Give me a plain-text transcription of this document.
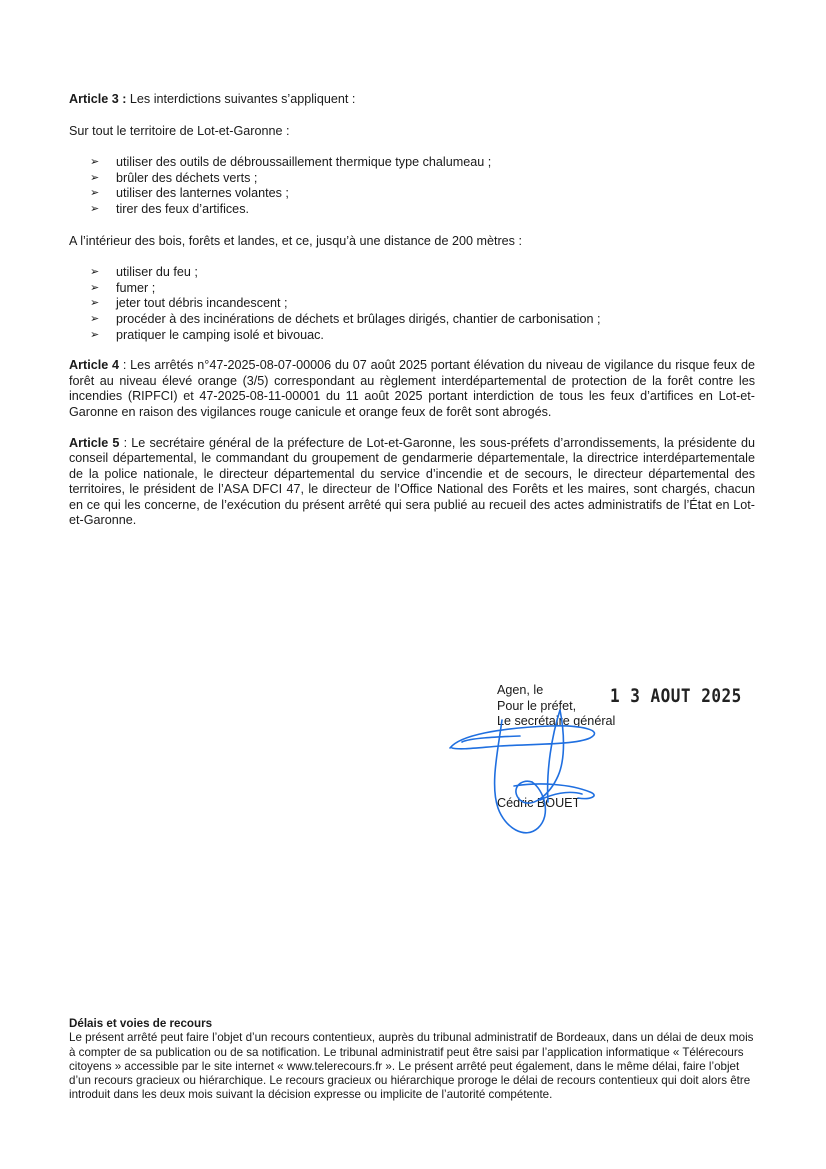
Article 3 : Les interdictions suivantes s’appliquent :

Sur tout le territoire de Lot-et-Garonne :

➢ utiliser des outils de débroussaillement thermique type chalumeau ;
➢ brûler des déchets verts ;
➢ utiliser des lanternes volantes ;
➢ tirer des feux d’artifices.

A l’intérieur des bois, forêts et landes, et ce, jusqu’à une distance de 200 mètres :

➢ utiliser du feu ;
➢ fumer ;
➢ jeter tout débris incandescent ;
➢ procéder à des incinérations de déchets et brûlages dirigés, chantier de carbonisation ;
➢ pratiquer le camping isolé et bivouac.

Article 4 : Les arrêtés n°47-2025-08-07-00006 du 07 août 2025 portant élévation du niveau de vigilance du risque feux de forêt au niveau élevé orange (3/5) correspondant au règlement interdépartemental de protection de la forêt contre les incendies (RIPFCI) et 47-2025-08-11-00001 du 11 août 2025 portant interdiction de tous les feux d’artifices en Lot-et-Garonne en raison des vigilances rouge canicule et orange feux de forêt sont abrogés.

Article 5 : Le secrétaire général de la préfecture de Lot-et-Garonne, les sous-préfets d’arrondissements, la présidente du conseil départemental, le commandant du groupement de gendarmerie départementale, la directrice interdépartementale de la police nationale, le directeur départemental du service d’incendie et de secours, le directeur départemental des territoires, le président de l’ASA DFCI 47, le directeur de l’Office National des Forêts et les maires, sont chargés, chacun en ce qui les concerne, de l’exécution du présent arrêté qui sera publié au recueil des actes administratifs de l’État en Lot-et-Garonne.

Agen, le
Pour le préfet,
Le secrétaire général
1 3 AOUT 2025
Cédric BOUET
Délais et voies de recours
Le présent arrêté peut faire l’objet d’un recours contentieux, auprès du tribunal administratif de Bordeaux, dans un délai de deux mois à compter de sa publication ou de sa notification. Le tribunal administratif peut être saisi par l’application informatique « Télérecours citoyens » accessible par le site internet « www.telerecours.fr ». Le présent arrêté peut également, dans le même délai, faire l’objet d’un recours gracieux ou hiérarchique. Le recours gracieux ou hiérarchique proroge le délai de recours contentieux qui doit alors être introduit dans les deux mois suivant la décision expresse ou implicite de l’autorité compétente.
